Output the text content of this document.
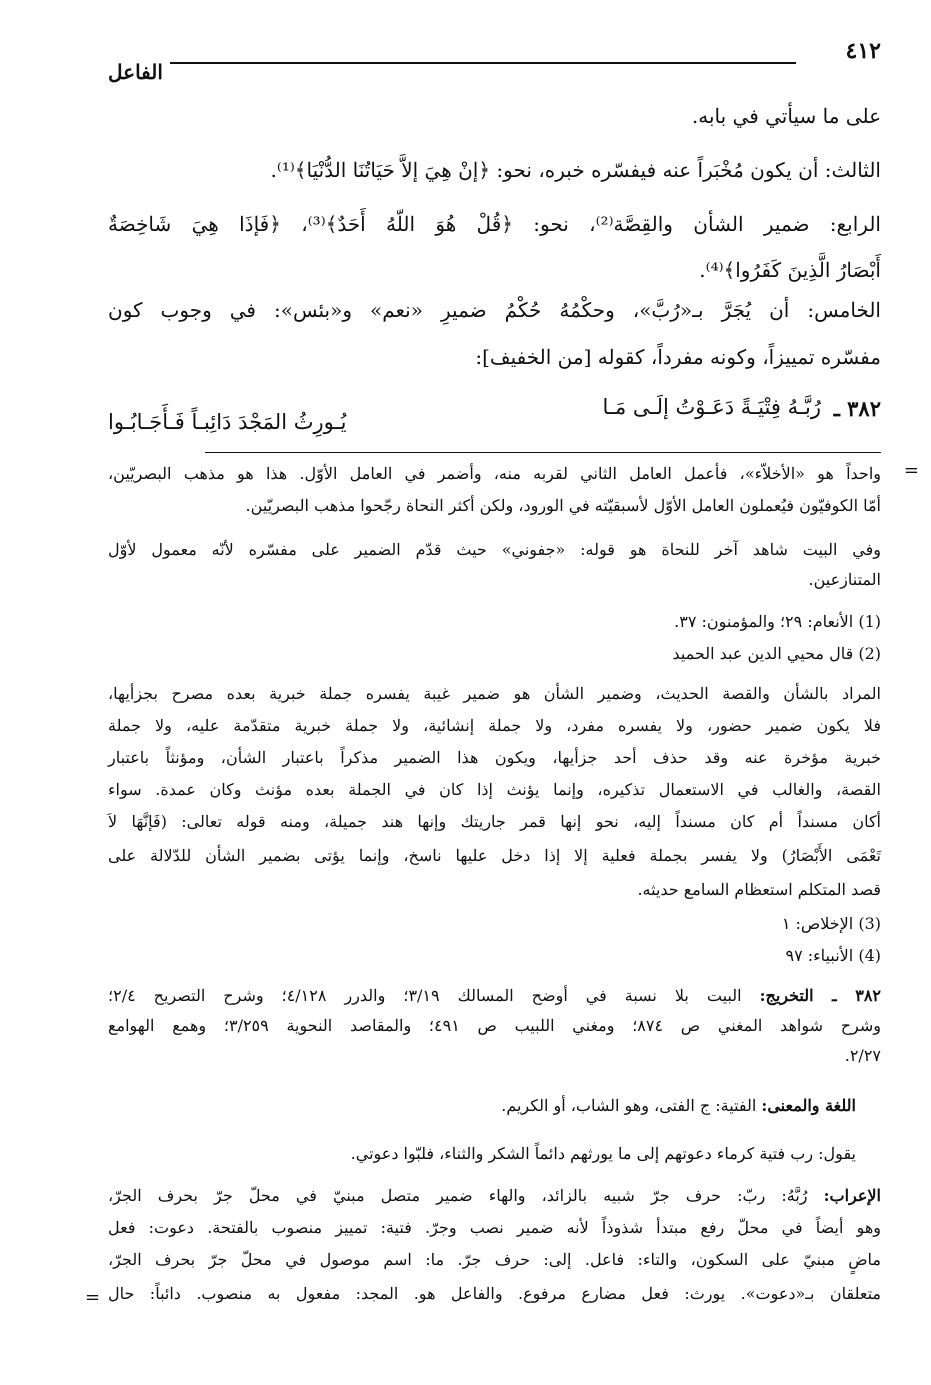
٤١٢
الفاعل
على ما سيأتي في بابه.
الثالث: أن يكون مُخْبَراً عنه فيفسّره خبره، نحو: ﴿إنْ هِيَ إلاَّ حَيَاتُنَا الدُّنْيَا﴾⁽¹⁾.
الرابع: ضمير الشأن والقِصَّة⁽²⁾، نحو: ﴿قُلْ هُوَ اللّهُ أَحَدٌ﴾⁽³⁾، ﴿فَإذَا هِيَ شَاخِصَةٌ
أَبْصَارُ الَّذِينَ كَفَرُوا﴾⁽⁴⁾.
الخامس: أن يُجَرَّ بـ«رُبَّ»، وحكْمُهُ حُكْمُ ضميرِ «نعم» و«بئس»: في وجوب كون
مفسّره تمييزاً، وكونه مفرداً، كقوله [من الخفيف]:
٣٨٢ ـ
رُبَّـهُ فِتْيَـةً دَعَـوْتُ إلَـى مَـا
يُـورِثُ المَجْدَ دَائِبـاً فَـأَجَـابُـوا
=
واحداً هو «الأخلاّء»، فأعمل العامل الثاني لقربه منه، وأضمر في العامل الأوّل. هذا هو مذهب البصريّين،
أمّا الكوفيّون فيُعملون العامل الأوّل لأسبقيّته في الورود، ولكن أكثر النحاة رجّحوا مذهب البصريّين.
وفي البيت شاهد آخر للنحاة هو قوله: «جفوني» حيث قدّم الضمير على مفسّره لأنّه معمول لأوّل
المتنازعين.
(1) الأنعام: ٢٩؛ والمؤمنون: ٣٧.
(2) قال محيي الدين عبد الحميد
المراد بالشأن والقصة الحديث، وضمير الشأن هو ضمير غيبة يفسره جملة خبرية بعده مصرح بجزأيها،
فلا يكون ضمير حضور، ولا يفسره مفرد، ولا جملة إنشائية، ولا جملة خبرية متقدّمة عليه، ولا جملة
خبرية مؤخرة عنه وقد حذف أحد جزأيها، ويكون هذا الضمير مذكراً باعتبار الشأن، ومؤنثاً باعتبار
القصة، والغالب في الاستعمال تذكيره، وإنما يؤنث إذا كان في الجملة بعده مؤنث وكان عمدة. سواء
أكان مسنداً أم كان مسنداً إليه، نحو إنها قمر جاريتك وإنها هند جميلة، ومنه قوله تعالى: (فَإنَّهَا لاَ
تَعْمَى الأَبْصَارُ) ولا يفسر بجملة فعلية إلا إذا دخل عليها ناسخ، وإنما يؤتى بضمير الشأن للدّلالة على
قصد المتكلم استعظام السامع حديثه.
(3) الإخلاص: ١
(4) الأنبياء: ٩٧
٣٨٢ ـ التخريج: البيت بلا نسبة في أوضح المسالك ٣/١٩؛ والدرر ٤/١٢٨؛ وشرح التصريح ٢/٤؛
وشرح شواهد المغني ص ٨٧٤؛ ومغني اللبيب ص ٤٩١؛ والمقاصد النحوية ٣/٢٥٩؛ وهمع الهوامع
٢/٢٧.
اللغة والمعنى: الفتية: ج الفتى، وهو الشاب، أو الكريم.
يقول: رب فتية كرماء دعوتهم إلى ما يورثهم دائماً الشكر والثناء، فلبّوا دعوتي.
الإعراب: رُبَّهُ: ربّ: حرف جرّ شبيه بالزائد، والهاء ضمير متصل مبنيّ في محلّ جرّ بحرف الجرّ،
وهو أيضاً في محلّ رفع مبتدأ شذوذاً لأنه ضمير نصب وجرّ. فتية: تمييز منصوب بالفتحة. دعوت: فعل
ماضٍ مبنيّ على السكون، والتاء: فاعل. إلى: حرف جرّ. ما: اسم موصول في محلّ جرّ بحرف الجرّ،
متعلقان بـ«دعوت». يورث: فعل مضارع مرفوع. والفاعل هو. المجد: مفعول به منصوب. دائباً: حال
=
